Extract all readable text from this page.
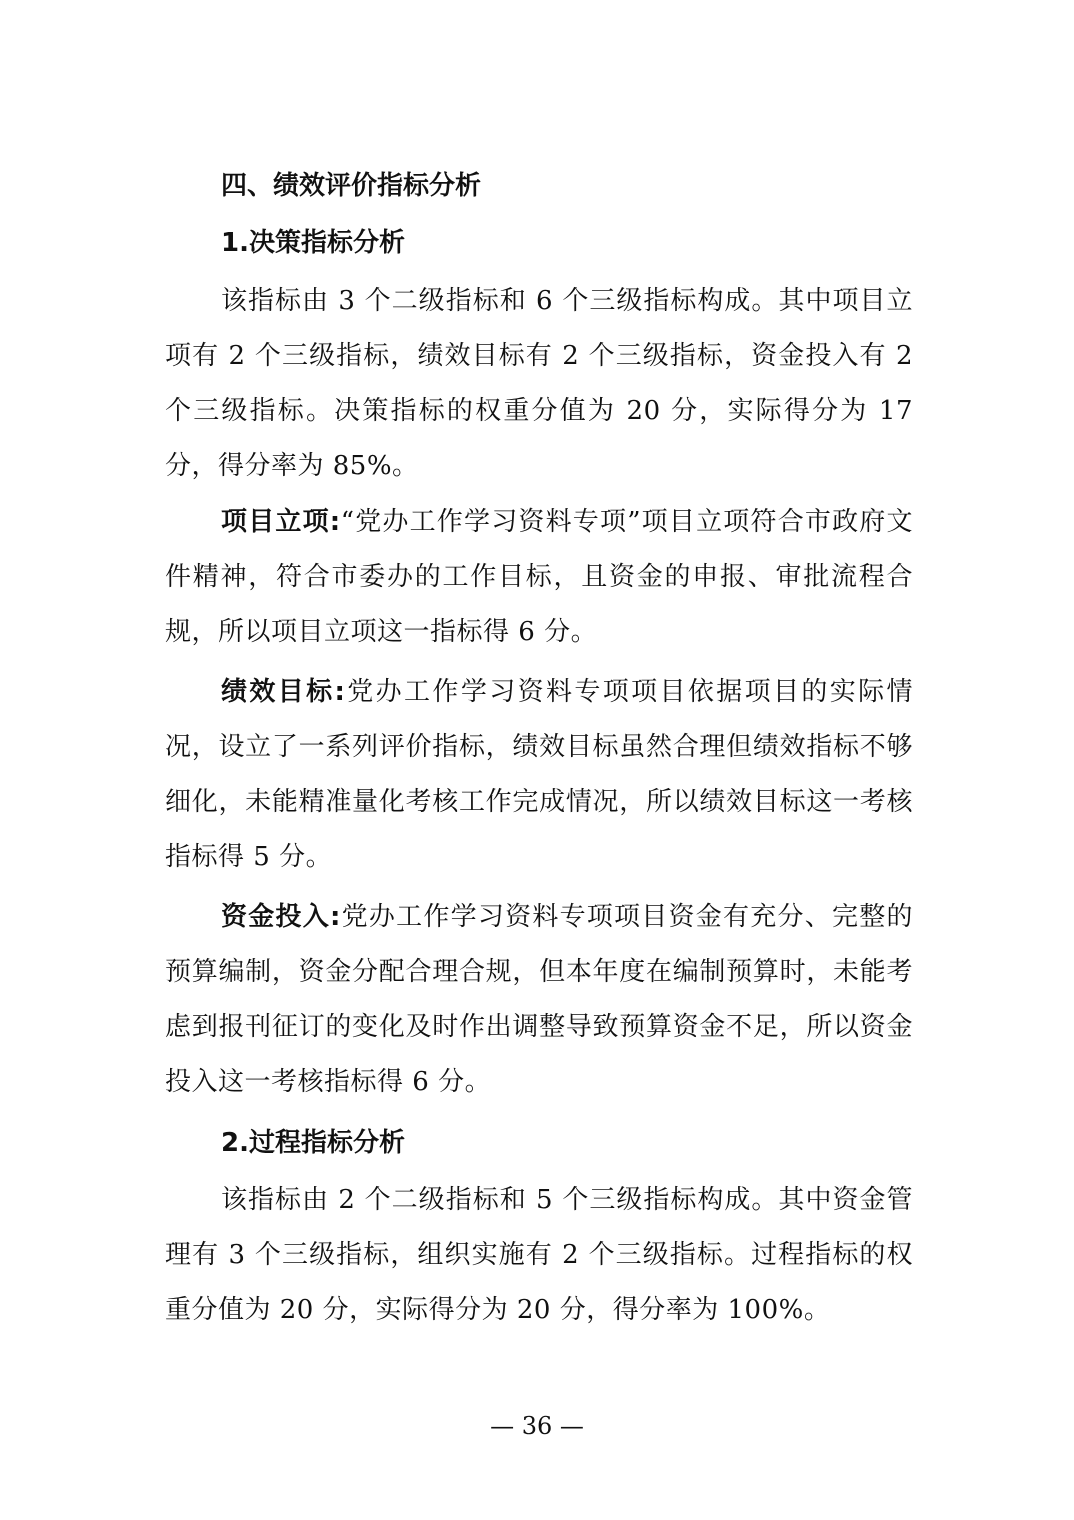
四、绩效评价指标分析
1.决策指标分析

该指标由 3 个二级指标和 6 个三级指标构成。其中项目立项有 2 个三级指标，绩效目标有 2 个三级指标，资金投入有 2 个三级指标。决策指标的权重分值为 20 分，实际得分为 17 分，得分率为 85%。

项目立项:“党办工作学习资料专项”项目立项符合市政府文件精神，符合市委办的工作目标，且资金的申报、审批流程合规，所以项目立项这一指标得 6 分。

绩效目标:党办工作学习资料专项项目依据项目的实际情况，设立了一系列评价指标，绩效目标虽然合理但绩效指标不够细化，未能精准量化考核工作完成情况，所以绩效目标这一考核指标得 5 分。

资金投入:党办工作学习资料专项项目资金有充分、完整的预算编制，资金分配合理合规，但本年度在编制预算时，未能考虑到报刊征订的变化及时作出调整导致预算资金不足，所以资金投入这一考核指标得 6 分。

2.过程指标分析

该指标由 2 个二级指标和 5 个三级指标构成。其中资金管理有 3 个三级指标，组织实施有 2 个三级指标。过程指标的权重分值为 20 分，实际得分为 20 分，得分率为 100%。

— 36 —
